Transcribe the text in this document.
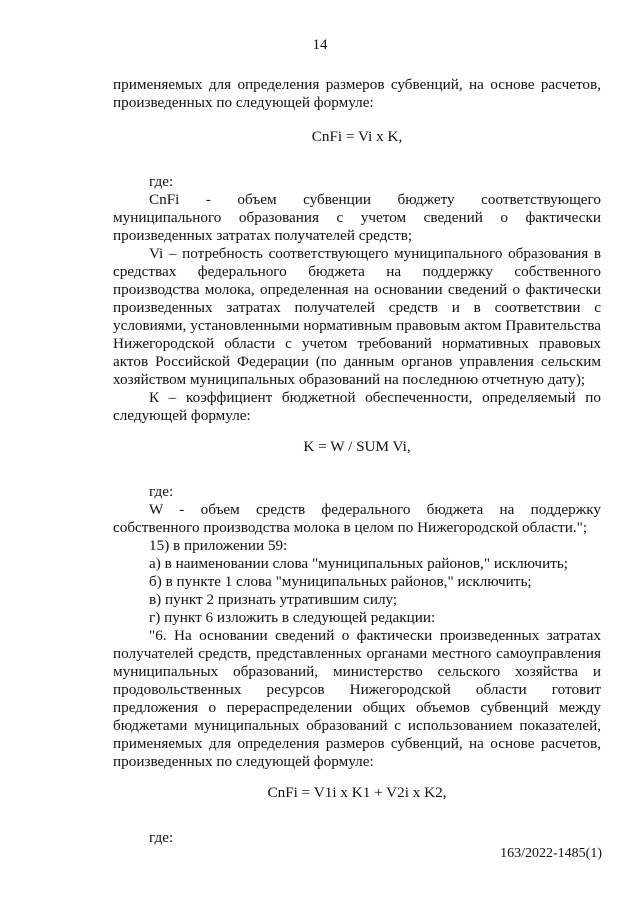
14

применяемых для определения размеров субвенций, на основе расчетов,

произведенных по следующей формуле:

CnFi = Vi x K,

где:

CnFi - объем субвенции бюджету соответствующего

муниципального образования с учетом сведений о фактически

произведенных затратах получателей средств;

Vi – потребность соответствующего муниципального образования в

средствах федерального бюджета на поддержку собственного

производства молока, определенная на основании сведений о фактически

произведенных затратах получателей средств и в соответствии с

условиями, установленными нормативным правовым актом Правительства

Нижегородской области с учетом требований нормативных правовых

актов Российской Федерации (по данным органов управления сельским

хозяйством муниципальных образований на последнюю отчетную дату);

К – коэффициент бюджетной обеспеченности, определяемый по

следующей формуле:

K = W / SUM Vi,

где:

W - объем средств федерального бюджета на поддержку

собственного производства молока в целом по Нижегородской области.";

15) в приложении 59:

а) в наименовании слова "муниципальных районов," исключить;

б) в пункте 1 слова "муниципальных районов," исключить;

в) пункт 2 признать утратившим силу;

г) пункт 6 изложить в следующей редакции:

"6. На основании сведений о фактически произведенных затратах

получателей средств, представленных органами местного самоуправления

муниципальных образований, министерство сельского хозяйства и

продовольственных ресурсов Нижегородской области готовит

предложения о перераспределении общих объемов субвенций между

бюджетами муниципальных образований с использованием показателей,

применяемых для определения размеров субвенций, на основе расчетов,

произведенных по следующей формуле:

CnFi = V1i x K1 + V2i x K2,

где:

163/2022-1485(1)
